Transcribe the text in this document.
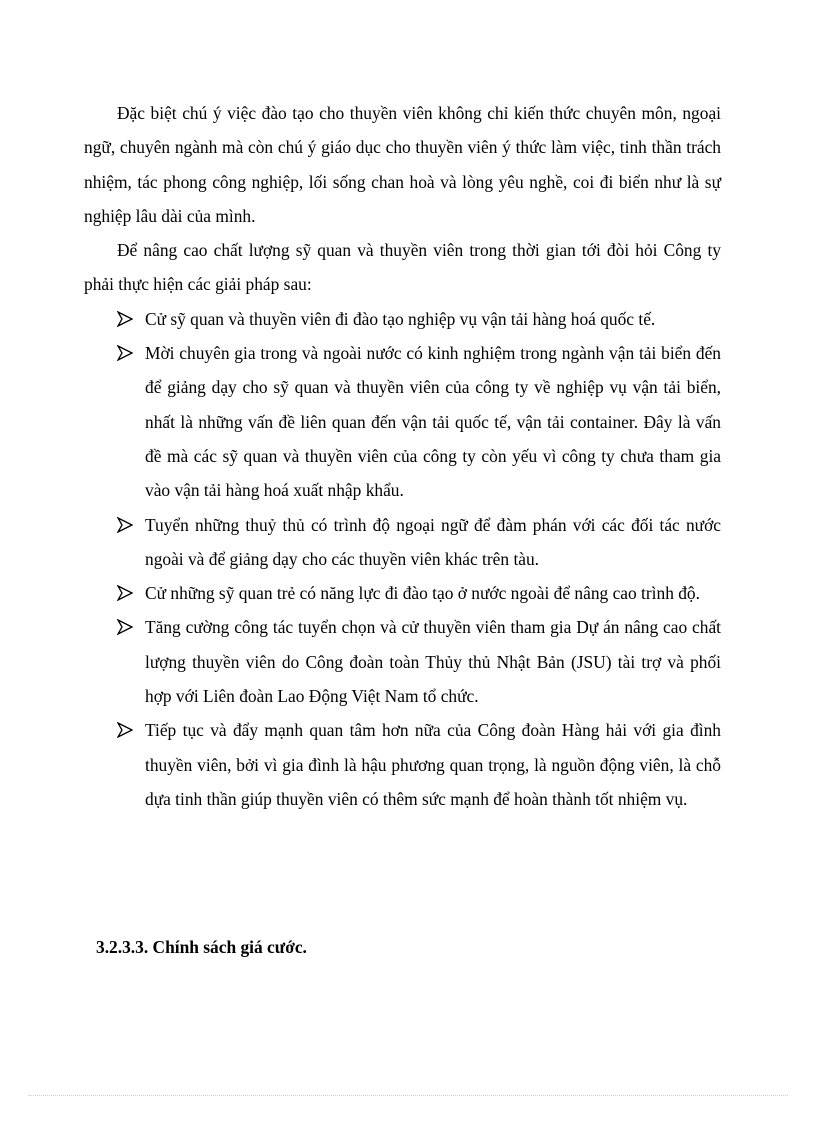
Đặc biệt chú ý việc đào tạo cho thuyền viên không chỉ kiến thức chuyên môn, ngoại ngữ, chuyên ngành mà còn chú ý giáo dục cho thuyền viên ý thức làm việc, tinh thần trách nhiệm, tác phong công nghiệp, lối sống chan hoà và lòng yêu nghề, coi đi biển như là sự nghiệp lâu dài của mình.

Để nâng cao chất lượng sỹ quan và thuyền viên trong thời gian tới đòi hỏi Công ty phải thực hiện các giải pháp sau:

Cử sỹ quan và thuyền viên đi đào tạo nghiệp vụ vận tải hàng hoá quốc tế.
Mời chuyên gia trong và ngoài nước có kinh nghiệm trong ngành vận tải biển đến để giảng dạy cho sỹ quan và thuyền viên của công ty về nghiệp vụ vận tải biển, nhất là những vấn đề liên quan đến vận tải quốc tế, vận tải container. Đây là vấn đề mà các sỹ quan và thuyền viên của công ty còn yếu vì công ty chưa tham gia vào vận tải hàng hoá xuất nhập khẩu.
Tuyển những thuỷ thủ có trình độ ngoại ngữ để đàm phán với các đối tác nước ngoài và để giảng dạy cho các thuyền viên khác trên tàu.
Cử những sỹ quan trẻ có năng lực đi đào tạo ở nước ngoài để nâng cao trình độ.
Tăng cường công tác tuyển chọn và cử thuyền viên tham gia Dự án nâng cao chất lượng thuyền viên do Công đoàn toàn Thủy thủ Nhật Bản (JSU) tài trợ và phối hợp với Liên đoàn Lao Động Việt Nam tổ chức.
Tiếp tục và đẩy mạnh quan tâm hơn nữa của Công đoàn Hàng hải với gia đình thuyền viên, bởi vì gia đình là hậu phương quan trọng, là nguồn động viên, là chỗ dựa tinh thần giúp thuyền viên có thêm sức mạnh để hoàn thành tốt nhiệm vụ.
3.2.3.3. Chính sách giá cước.
